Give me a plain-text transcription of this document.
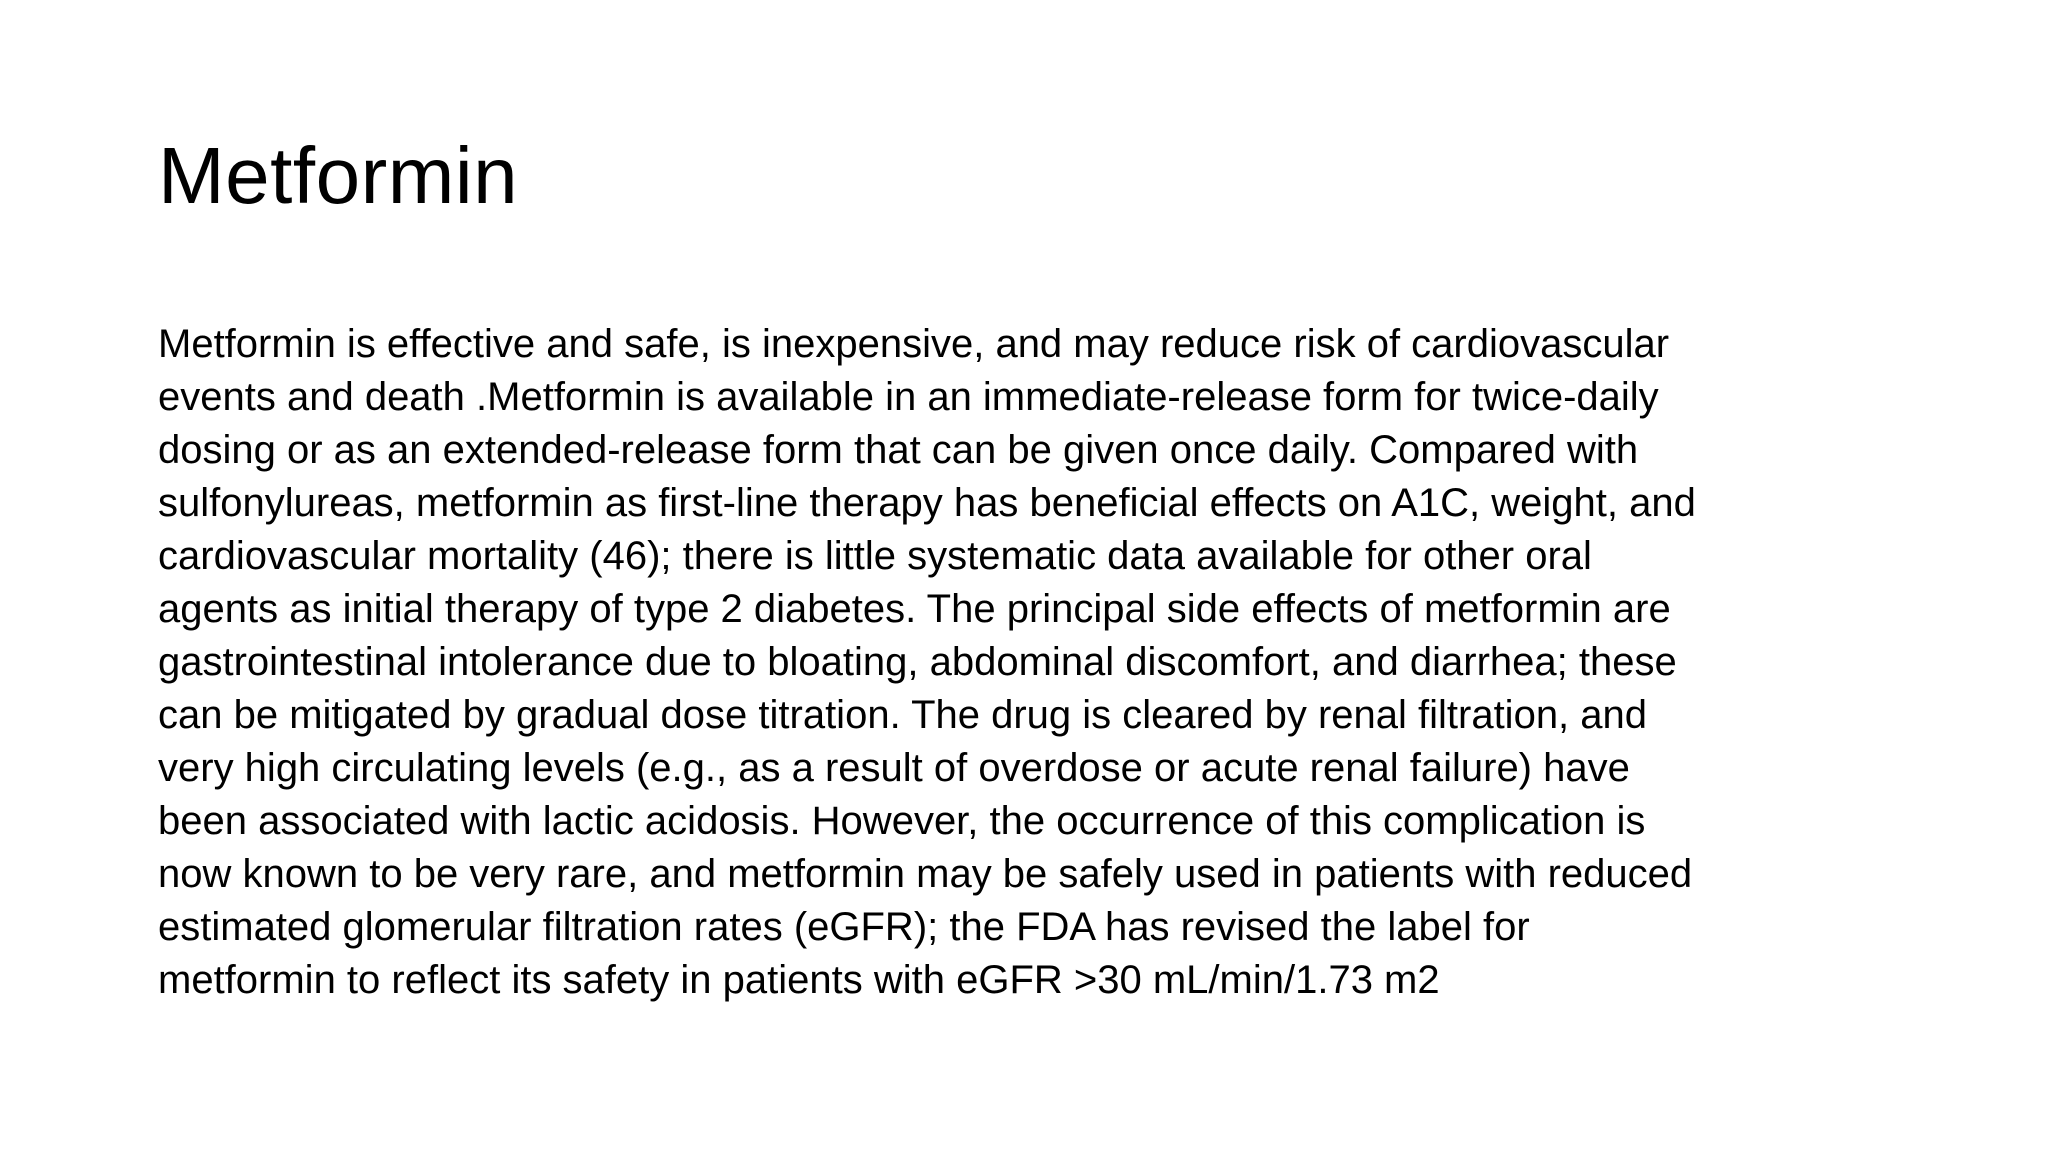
Metformin
Metformin is effective and safe, is inexpensive, and may reduce risk of cardiovascular
events and death .Metformin is available in an immediate-release form for twice-daily
dosing or as an extended-release form that can be given once daily. Compared with
sulfonylureas, metformin as first-line therapy has beneficial effects on A1C, weight, and
cardiovascular mortality (46); there is little systematic data available for other oral
agents as initial therapy of type 2 diabetes. The principal side effects of metformin are
gastrointestinal intolerance due to bloating, abdominal discomfort, and diarrhea; these
can be mitigated by gradual dose titration. The drug is cleared by renal filtration, and
very high circulating levels (e.g., as a result of overdose or acute renal failure) have
been associated with lactic acidosis. However, the occurrence of this complication is
now known to be very rare, and metformin may be safely used in patients with reduced
estimated glomerular filtration rates (eGFR); the FDA has revised the label for
metformin to reflect its safety in patients with eGFR >30 mL/min/1.73 m2
